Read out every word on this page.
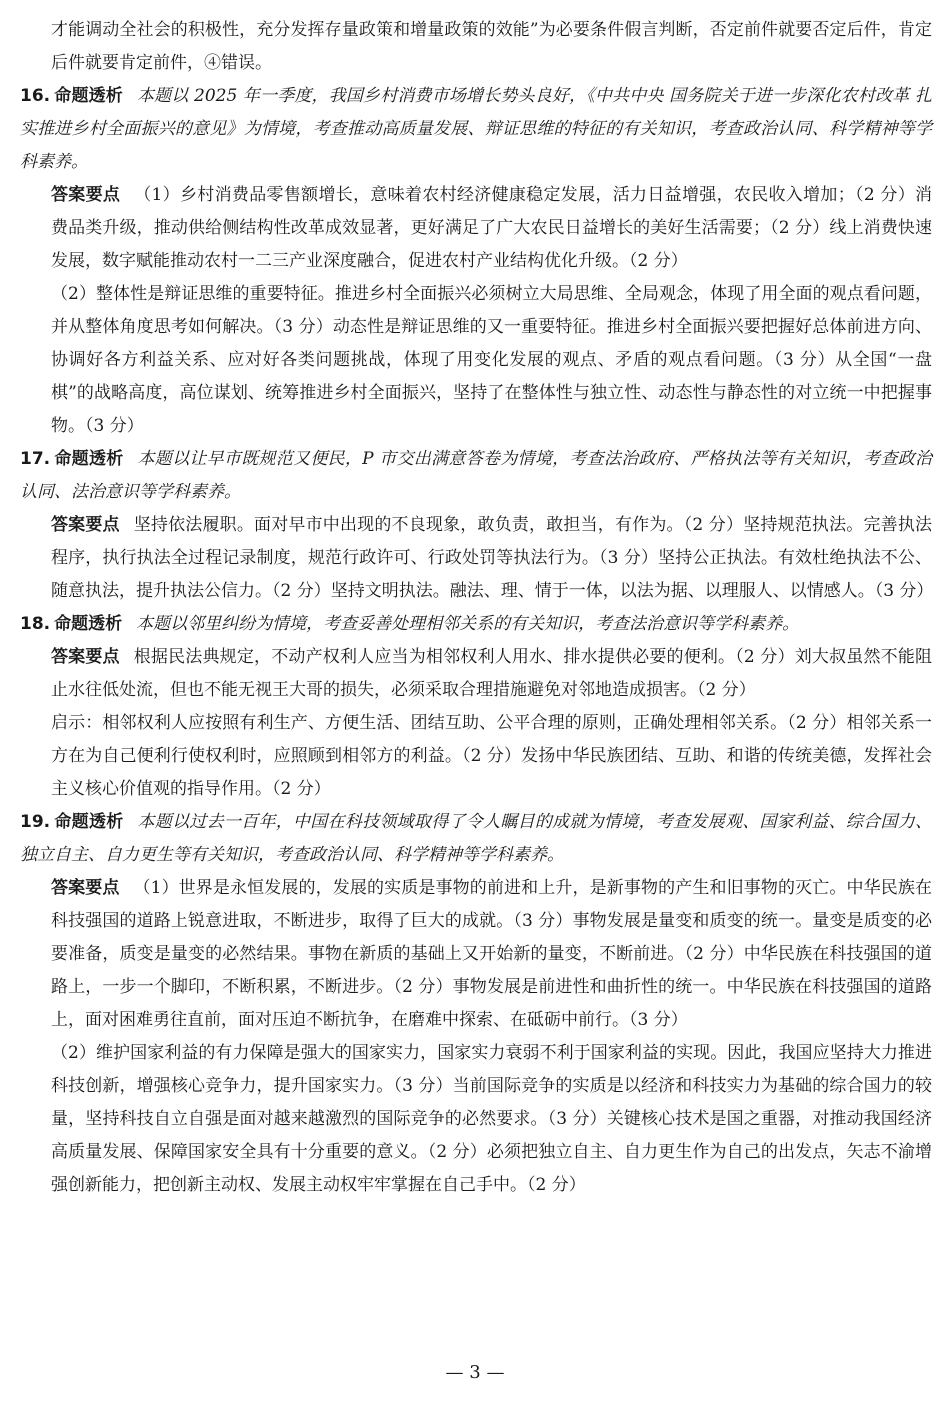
才能调动全社会的积极性，充分发挥存量政策和增量政策的效能”为必要条件假言判断，否定前件就要否定后件，肯定后件就要肯定前件，④错误。

16. 命题透析 本题以 2025 年一季度，我国乡村消费市场增长势头良好，《中共中央 国务院关于进一步深化农村改革 扎实推进乡村全面振兴的意见》为情境，考查推动高质量发展、辩证思维的特征的有关知识，考查政治认同、科学精神等学科素养。

答案要点 （1）乡村消费品零售额增长，意味着农村经济健康稳定发展，活力日益增强，农民收入增加；（2 分）消费品类升级，推动供给侧结构性改革成效显著，更好满足了广大农民日益增长的美好生活需要；（2 分）线上消费快速发展，数字赋能推动农村一二三产业深度融合，促进农村产业结构优化升级。（2 分）

（2）整体性是辩证思维的重要特征。推进乡村全面振兴必须树立大局思维、全局观念，体现了用全面的观点看问题，并从整体角度思考如何解决。（3 分）动态性是辩证思维的又一重要特征。推进乡村全面振兴要把握好总体前进方向、协调好各方利益关系、应对好各类问题挑战，体现了用变化发展的观点、矛盾的观点看问题。（3 分）从全国“一盘棋”的战略高度，高位谋划、统筹推进乡村全面振兴，坚持了在整体性与独立性、动态性与静态性的对立统一中把握事物。（3 分）

17. 命题透析 本题以让早市既规范又便民，P 市交出满意答卷为情境，考查法治政府、严格执法等有关知识，考查政治认同、法治意识等学科素养。

答案要点 坚持依法履职。面对早市中出现的不良现象，敢负责，敢担当，有作为。（2 分）坚持规范执法。完善执法程序，执行执法全过程记录制度，规范行政许可、行政处罚等执法行为。（3 分）坚持公正执法。有效杜绝执法不公、随意执法，提升执法公信力。（2 分）坚持文明执法。融法、理、情于一体，以法为据、以理服人、以情感人。（3 分）

18. 命题透析 本题以邻里纠纷为情境，考查妥善处理相邻关系的有关知识，考查法治意识等学科素养。

答案要点 根据民法典规定，不动产权利人应当为相邻权利人用水、排水提供必要的便利。（2 分）刘大叔虽然不能阻止水往低处流，但也不能无视王大哥的损失，必须采取合理措施避免对邻地造成损害。（2 分）

启示：相邻权利人应按照有利生产、方便生活、团结互助、公平合理的原则，正确处理相邻关系。（2 分）相邻关系一方在为自己便利行使权利时，应照顾到相邻方的利益。（2 分）发扬中华民族团结、互助、和谐的传统美德，发挥社会主义核心价值观的指导作用。（2 分）

19. 命题透析 本题以过去一百年，中国在科技领域取得了令人瞩目的成就为情境，考查发展观、国家利益、综合国力、独立自主、自力更生等有关知识，考查政治认同、科学精神等学科素养。

答案要点 （1）世界是永恒发展的，发展的实质是事物的前进和上升，是新事物的产生和旧事物的灭亡。中华民族在科技强国的道路上锐意进取，不断进步，取得了巨大的成就。（3 分）事物发展是量变和质变的统一。量变是质变的必要准备，质变是量变的必然结果。事物在新质的基础上又开始新的量变，不断前进。（2 分）中华民族在科技强国的道路上，一步一个脚印，不断积累，不断进步。（2 分）事物发展是前进性和曲折性的统一。中华民族在科技强国的道路上，面对困难勇往直前，面对压迫不断抗争，在磨难中探索、在砥砺中前行。（3 分）

（2）维护国家利益的有力保障是强大的国家实力，国家实力衰弱不利于国家利益的实现。因此，我国应坚持大力推进科技创新，增强核心竞争力，提升国家实力。（3 分）当前国际竞争的实质是以经济和科技实力为基础的综合国力的较量，坚持科技自立自强是面对越来越激烈的国际竞争的必然要求。（3 分）关键核心技术是国之重器，对推动我国经济高质量发展、保障国家安全具有十分重要的意义。（2 分）必须把独立自主、自力更生作为自己的出发点，矢志不渝增强创新能力，把创新主动权、发展主动权牢牢掌握在自己手中。（2 分）

— 3 —
